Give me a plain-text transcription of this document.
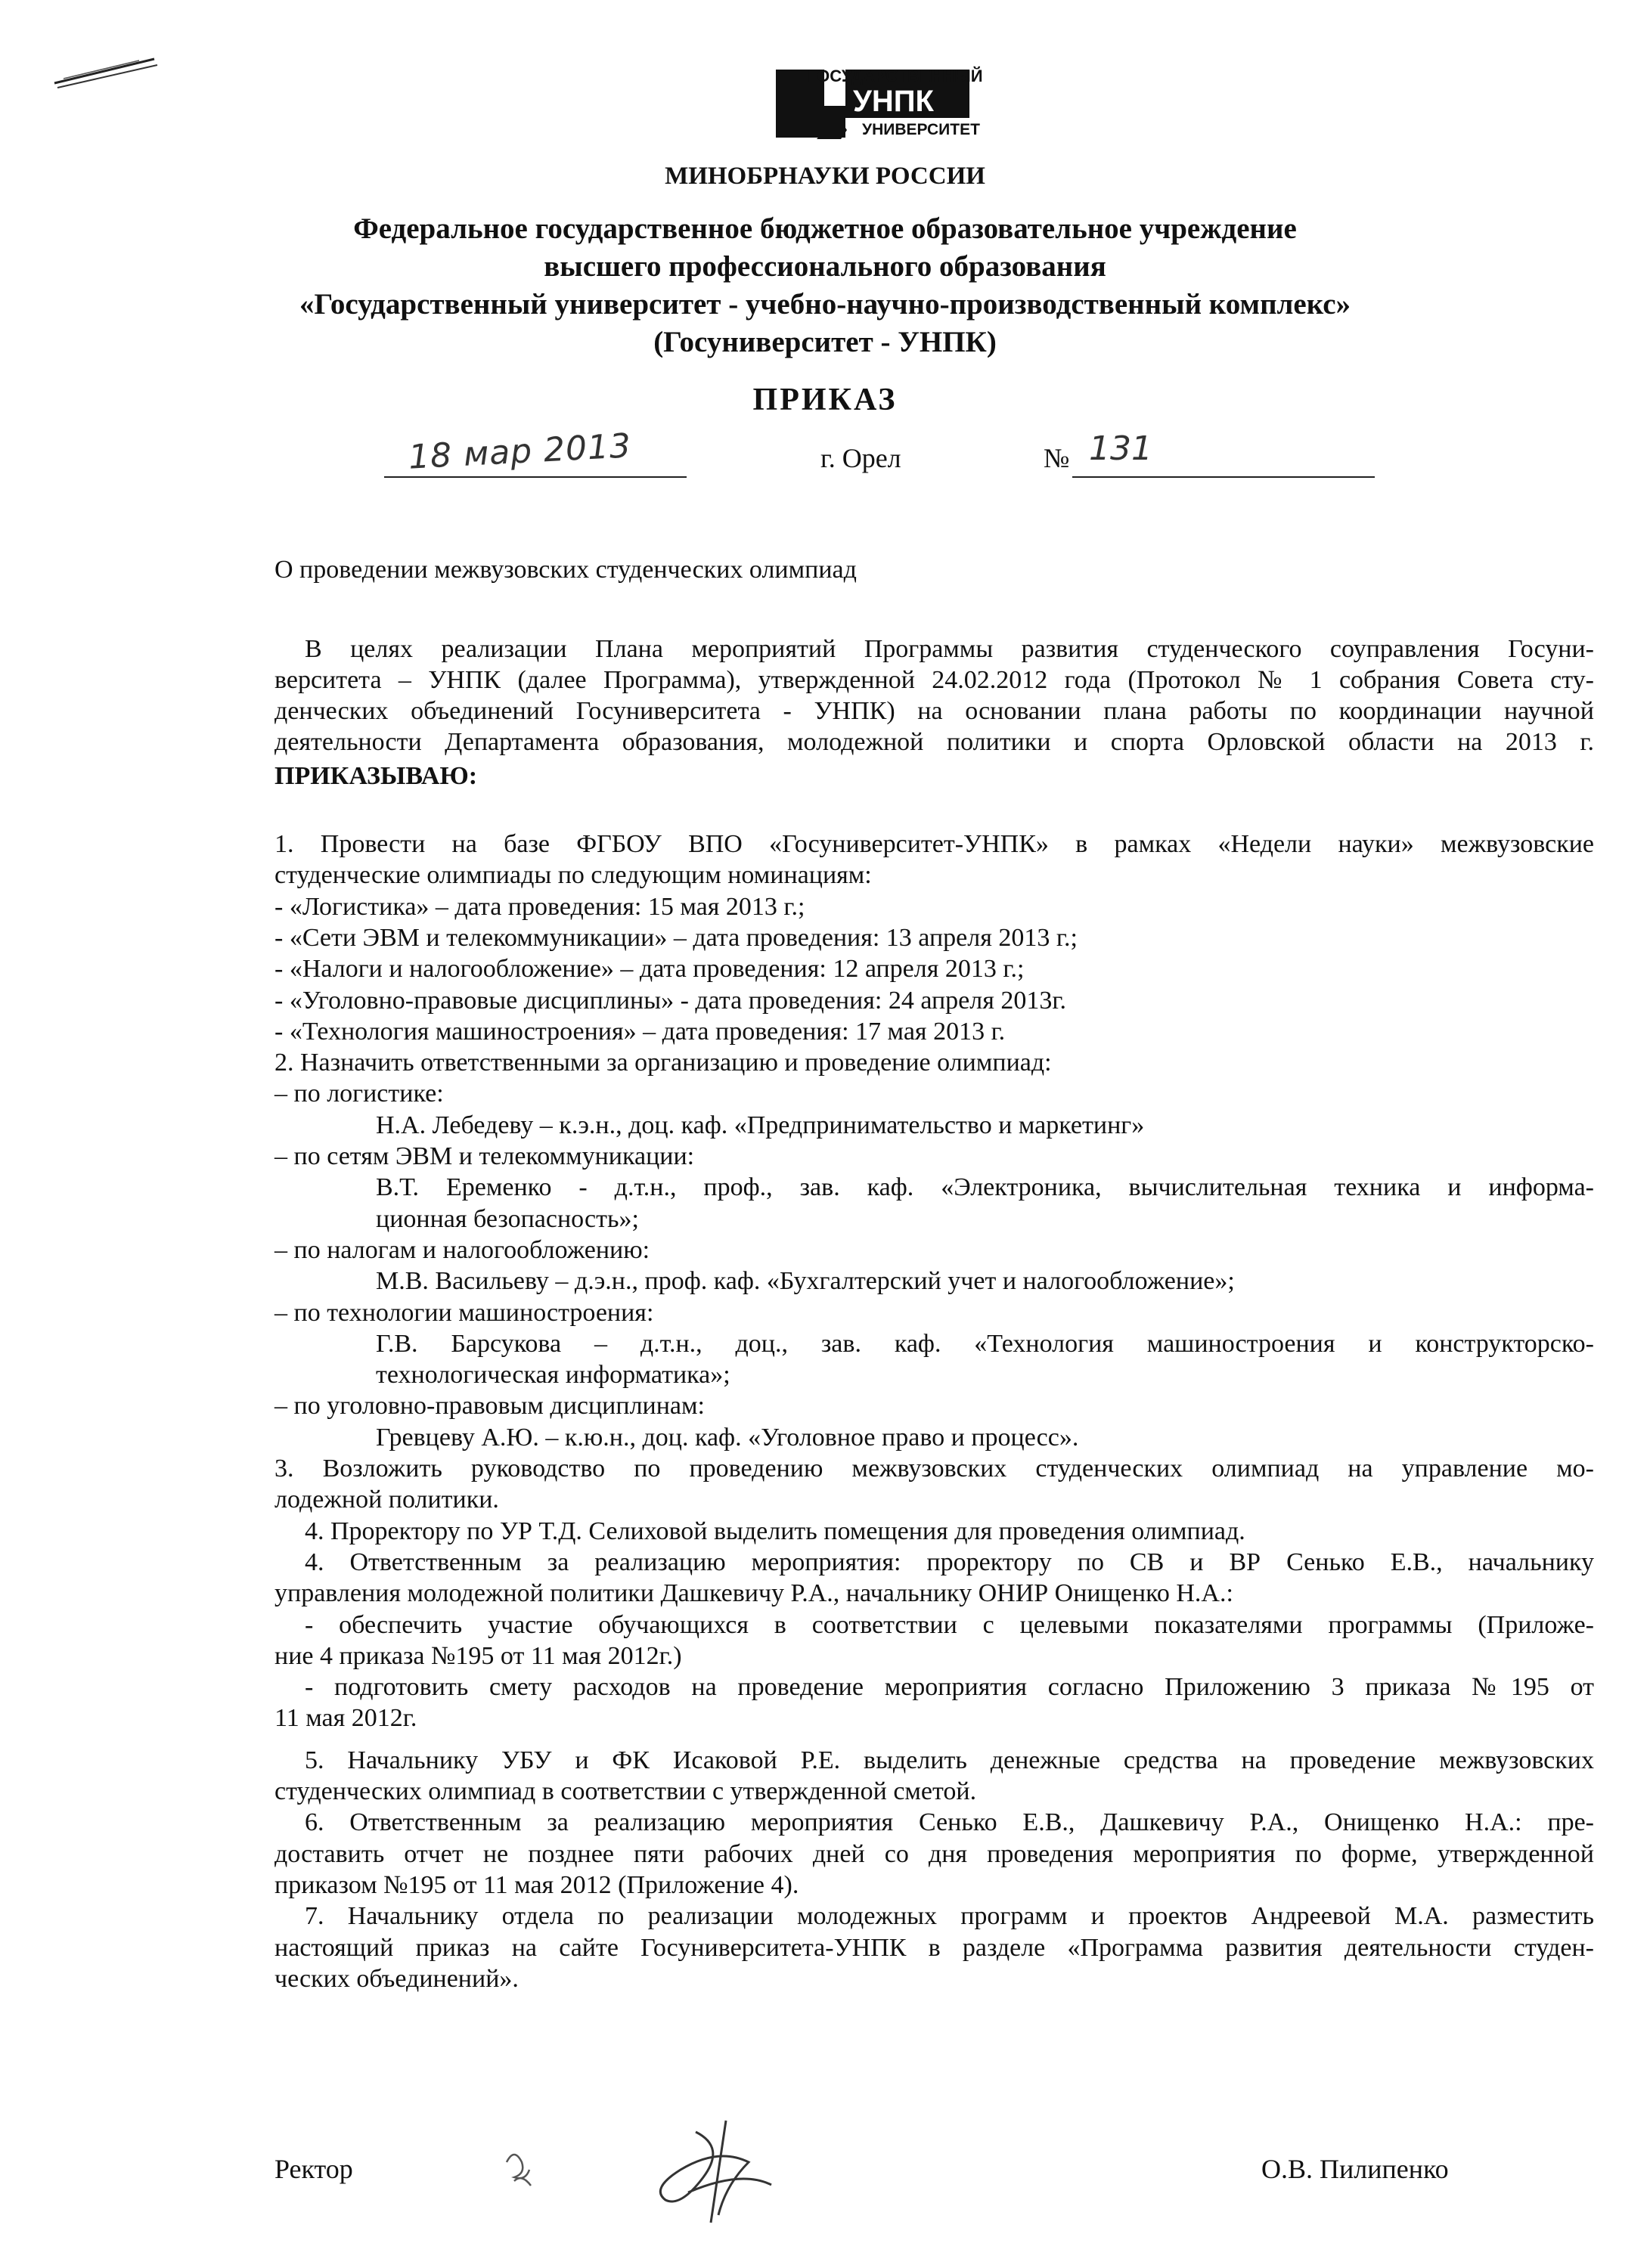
ГОСУДАРСТВЕННЫЙ
УНПК
УНИВЕРСИТЕТ
МИНОБРНАУКИ РОССИИ
Федеральное государственное бюджетное образовательное учреждение
высшего профессионального образования
«Государственный университет - учебно-научно-производственный комплекс»
(Госуниверситет - УНПК)
ПРИКАЗ
18 мар 2013	г. Орел	№ 131
О проведении межвузовских студенческих олимпиад
В целях реализации Плана мероприятий Программы развития студенческого соуправления Госуни-
верситета – УНПК (далее Программа), утвержденной 24.02.2012 года (Протокол № 1 собрания Совета сту-
денческих объединений Госуниверситета - УНПК) на основании плана работы по координации научной
деятельности Департамента образования, молодежной политики и спорта Орловской области на 2013 г.
ПРИКАЗЫВАЮ:
1. Провести на базе ФГБОУ ВПО «Госуниверситет-УНПК» в рамках «Недели науки» межвузовские
студенческие олимпиады по следующим номинациям:
- «Логистика» – дата проведения: 15 мая 2013 г.;
- «Сети ЭВМ и телекоммуникации» – дата проведения: 13 апреля 2013 г.;
- «Налоги и налогообложение» – дата проведения: 12 апреля 2013 г.;
- «Уголовно-правовые дисциплины» - дата проведения: 24 апреля 2013г.
- «Технология машиностроения» – дата проведения: 17 мая 2013 г.
2. Назначить ответственными за организацию и проведение олимпиад:
– по логистике:
Н.А. Лебедеву – к.э.н., доц. каф. «Предпринимательство и маркетинг»
– по сетям ЭВМ и телекоммуникации:
В.Т. Еременко - д.т.н., проф., зав. каф. «Электроника, вычислительная техника и информа-
ционная безопасность»;
– по налогам и налогообложению:
М.В. Васильеву – д.э.н., проф. каф. «Бухгалтерский учет и налогообложение»;
– по технологии машиностроения:
Г.В. Барсукова – д.т.н., доц., зав. каф. «Технология машиностроения и конструкторско-
технологическая информатика»;
– по уголовно-правовым дисциплинам:
Гревцеву А.Ю. – к.ю.н., доц. каф. «Уголовное право и процесс».
3. Возложить руководство по проведению межвузовских студенческих олимпиад на управление мо-
лодежной политики.
4. Проректору по УР Т.Д. Селиховой выделить помещения для проведения олимпиад.
4. Ответственным за реализацию мероприятия: проректору по СВ и ВР Сенько Е.В., начальнику
управления молодежной политики Дашкевичу Р.А., начальнику ОНИР Онищенко Н.А.:
- обеспечить участие обучающихся в соответствии с целевыми показателями программы (Приложе-
ние 4 приказа №195 от 11 мая 2012г.)
- подготовить смету расходов на проведение мероприятия согласно Приложению 3 приказа №195 от
11 мая 2012г.
5. Начальнику УБУ и ФК Исаковой Р.Е. выделить денежные средства на проведение межвузовских
студенческих олимпиад в соответствии с утвержденной сметой.
6. Ответственным за реализацию мероприятия Сенько Е.В., Дашкевичу Р.А., Онищенко Н.А.: пре-
доставить отчет не позднее пяти рабочих дней со дня проведения мероприятия по форме, утвержденной
приказом №195 от 11 мая 2012 (Приложение 4).
7. Начальнику отдела по реализации молодежных программ и проектов Андреевой М.А. разместить
настоящий приказ на сайте Госуниверситета-УНПК в разделе «Программа развития деятельности студен-
ческих объединений».
Ректор	О.В. Пилипенко
